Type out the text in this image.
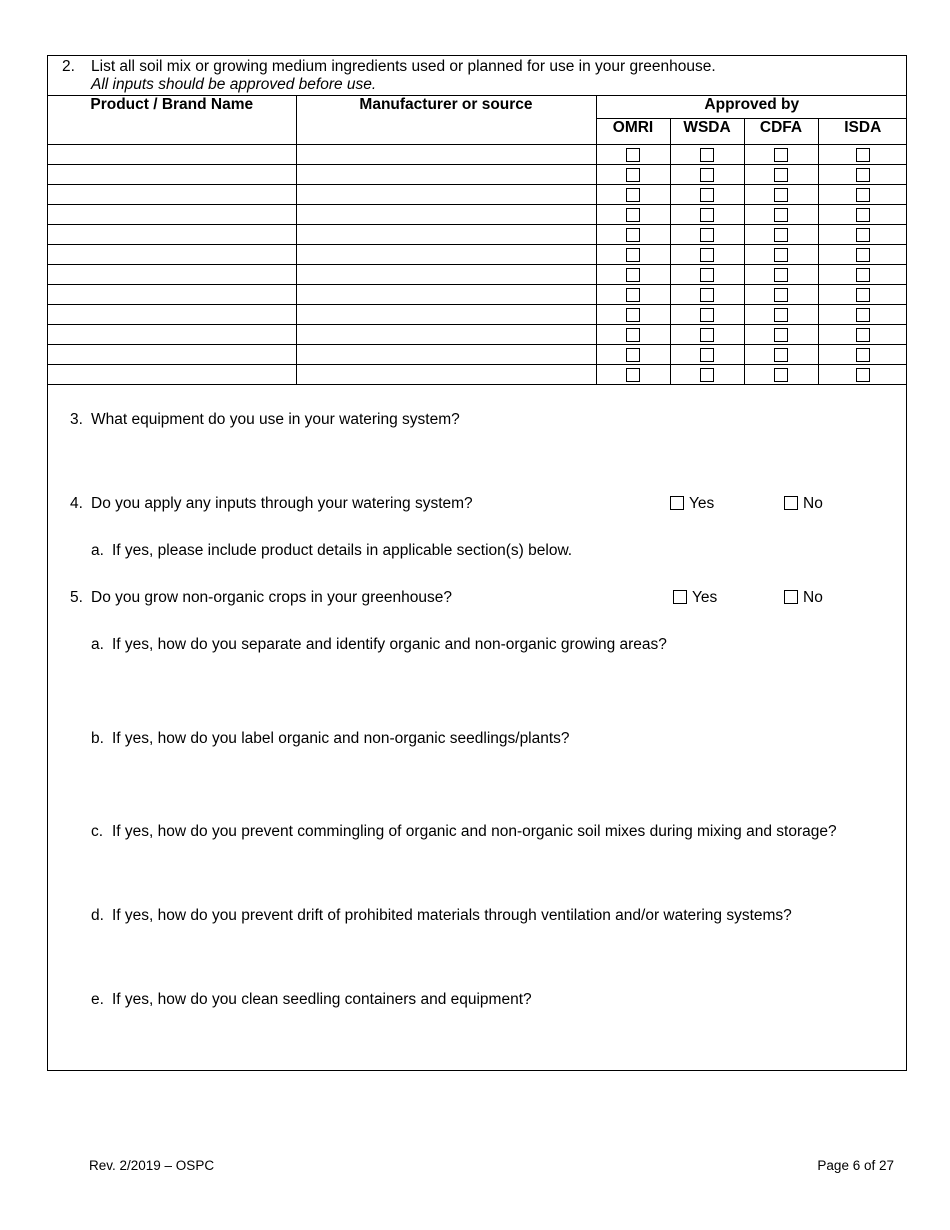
2. List all soil mix or growing medium ingredients used or planned for use in your greenhouse.
All inputs should be approved before use.
Product / Brand Name	Manufacturer or source	Approved by			
		OMRI	WSDA	CDFA	ISDA

3. What equipment do you use in your watering system?
4. Do you apply any inputs through your watering system?	Yes	No
a. If yes, please include product details in applicable section(s) below.
5. Do you grow non-organic crops in your greenhouse?	Yes	No
a. If yes, how do you separate and identify organic and non-organic growing areas?
b. If yes, how do you label organic and non-organic seedlings/plants?
c. If yes, how do you prevent commingling of organic and non-organic soil mixes during mixing and storage?
d. If yes, how do you prevent drift of prohibited materials through ventilation and/or watering systems?
e. If yes, how do you clean seedling containers and equipment?
Rev. 2/2019 – OSPC	Page 6 of 27
